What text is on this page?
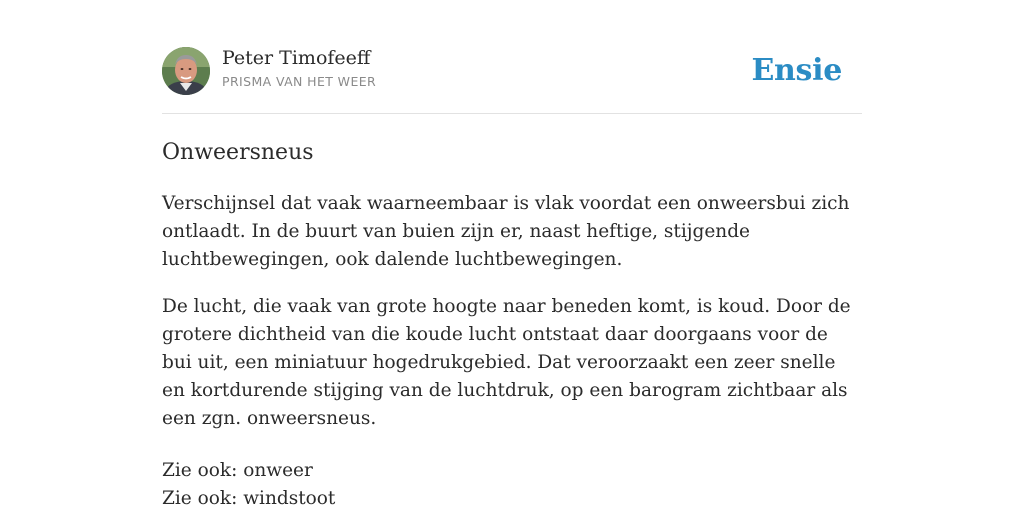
Peter Timofeeff
PRISMA VAN HET WEER	Ensie
Onweersneus

Verschijnsel dat vaak waarneembaar is vlak voordat een onweersbui zich ontlaadt. In de buurt van buien zijn er, naast heftige, stijgende luchtbewegingen, ook dalende luchtbewegingen.

De lucht, die vaak van grote hoogte naar beneden komt, is koud. Door de grotere dichtheid van die koude lucht ontstaat daar doorgaans voor de bui uit, een miniatuur hogedrukgebied. Dat veroorzaakt een zeer snelle en kortdurende stijging van de luchtdruk, op een barogram zichtbaar als een zgn. onweersneus.

Zie ook: onweer
Zie ook: windstoot
